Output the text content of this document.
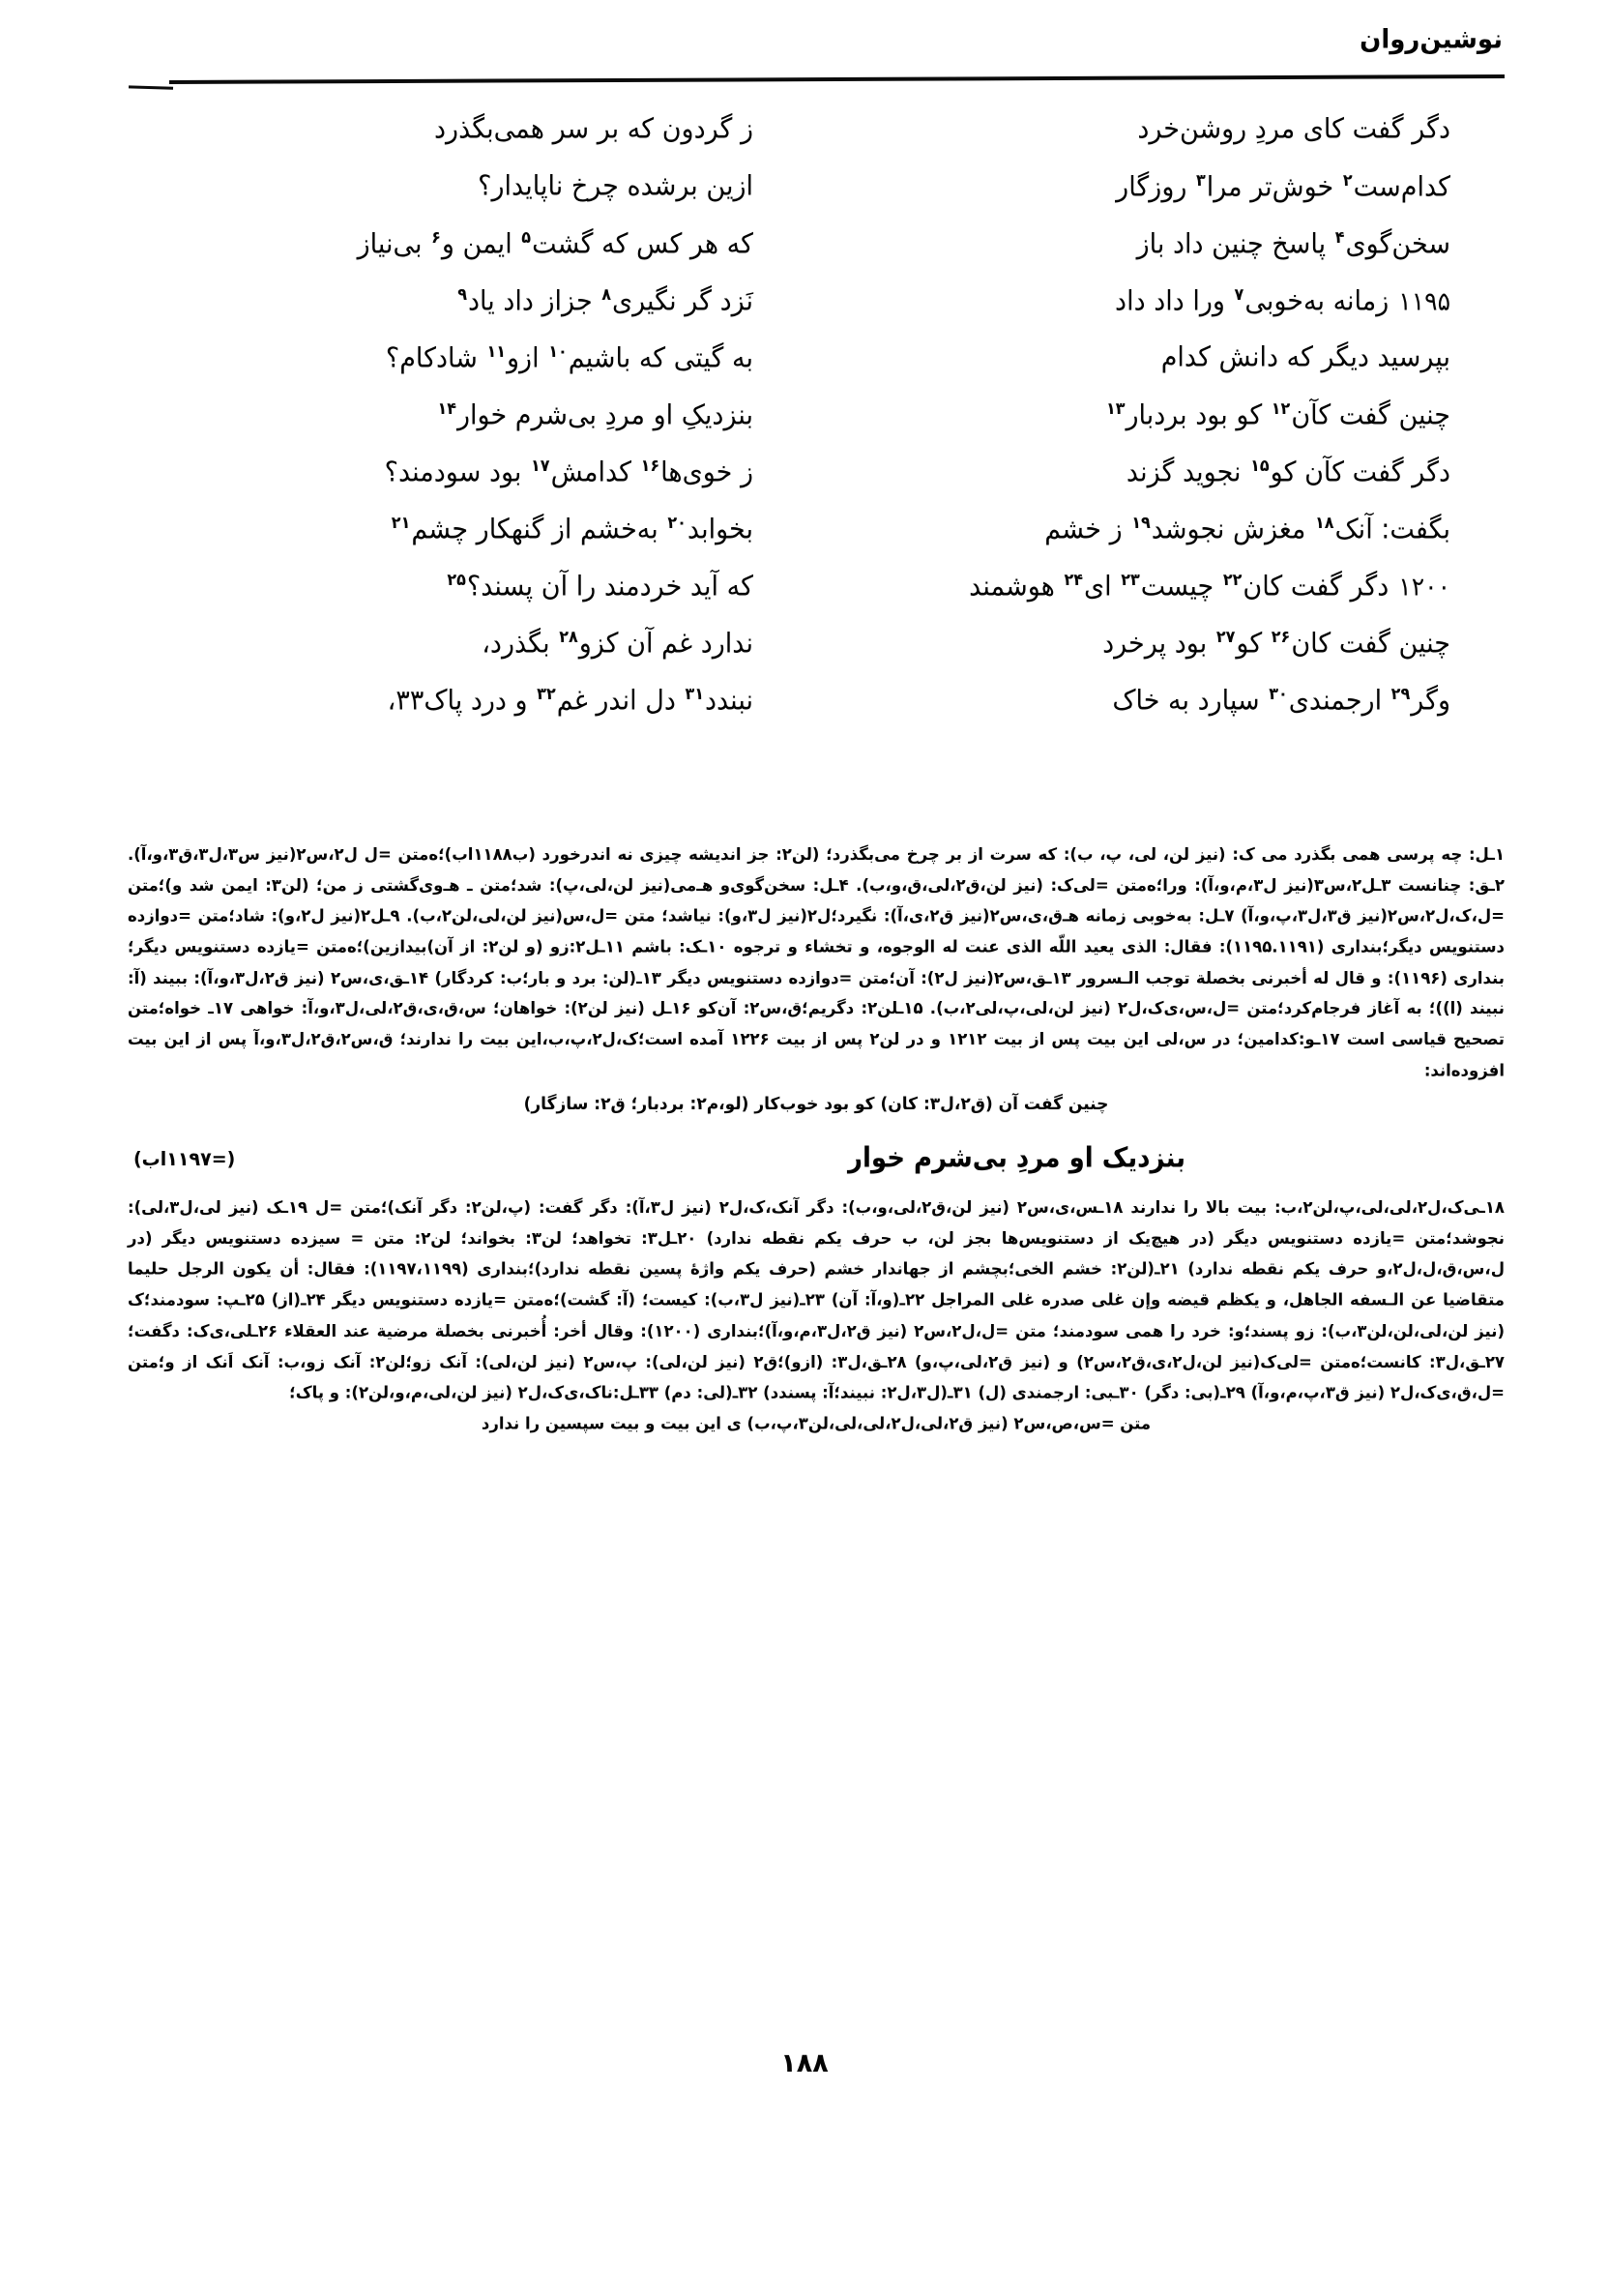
نوشین‌روان
دگر گفت کای مردِ روشن‌خرد
ز گردون که بر سر همی‌بگذرد
کدام‌ست$^۲$ خوش‌تر مرا$^۳$ روزگار
ازین برشده چرخ ناپایدار؟
سخن‌گوی$^۴$ پاسخ چنین داد باز
که هر کس که گشت$^۵$ ایمن و$^۶$ بی‌نیاز
۱۱۹۵زمانه به‌خوبی$^۷$ ورا داد داد
نَزد گر نگیری$^۸$ جزاز داد یاد$^۹$
بپرسید دیگر که دانش کدام
به گیتی که باشیم$^{۱۰}$ ازو$^{۱۱}$ شادکام؟
چنین گفت کآن$^{۱۲}$ کو بود بردبار$^{۱۳}$
بنزدیکِ او مردِ بی‌شرم خوار$^{۱۴}$
دگر گفت کآن کو$^{۱۵}$ نجوید گزند
ز خوی‌ها$^{۱۶}$ کدامش$^{۱۷}$ بود سودمند؟
بگفت: آنک$^{۱۸}$ مغزش نجوشد$^{۱۹}$ ز خشم
بخوابد$^{۲۰}$ به‌خشم از گنهکار چشم$^{۲۱}$
۱۲۰۰دگر گفت کان$^{۲۲}$ چیست$^{۲۳}$ ای$^{۲۴}$ هوشمند
که آید خردمند را آن پسند؟$^{۲۵}$
چنین گفت کان$^{۲۶}$ کو$^{۲۷}$ بود پرخرد
ندارد غم آن کزو$^{۲۸}$ بگذرد،
وگر$^{۲۹}$ ارجمندی$^{۳۰}$ سپارد به خاک
نبندد$^{۳۱}$ دل اندر غم$^{۳۲}$ و درد پاک۳۳،
۱ـل: چه پرسی همی بگذرد می ک: (نیز لن، لی، پ، ب): که سرت از بر چرخ می‌بگذرد؛ (لن۲: جز اندیشه چیزی نه اندرخورد (ب۱۱۸۸اب)؛ه‌متن =ل ل۲،س۲(نیز س۳،ل۳،ق۳،و،آ). ۲ـق: چنانست ۳ـل۲،س۳(نیز ل۳،م،و،آ): ورا؛ه‌متن =لی‌ک: (نیز لن،ق۲،لی،ق،و،ب). ۴ـل: سخن‌گوی‌و هـ‌می(نیز لن،لی،پ): شد؛متن ـ هـ‌وی‌گشتی ز من؛ (لن۳: ایمن شد و)؛متن =ل،ک،ل۲،س۲(نیز ق۳،ل۳،پ،و،آ) ۷ـل: به‌خوبی زمانه هـ‌ق،ی،س۲(نیز ق۲،ی،آ): نگیرد؛ل۲(نیز ل۳،و): نیاشد؛ متن =ل،س(نیز لن،لی،لن۲،ب). ۹ـل۲(نیز ل۲،و): شاد؛متن =دوازده دستنویس دیگر؛بنداری (۱۱۹۵.۱۱۹۱): فقال: الذی یعید اللّه الذی عنت له الوجوه، و تخشاء و ترجوه ۱۰ـک: باشم ۱۱ـل۲:زو (و لن۲: از آن)بیدازین)؛ه‌متن =یازده دستنویس دیگر؛بنداری (۱۱۹۶): و قال له أخبرنی بخصلة توجب الـسرور ۱۳ـق،س۲(نیز ل۲): آن؛متن =دوازده دستنویس دیگر ۱۳ـ(لن: برد و بار؛ب: کردگار) ۱۴ـق،ی،س۲ (نیز ق۲،ل۳،و،آ): ببیند (آ: نبیند (ا))؛ به آغاز فرجام‌کرد؛متن =ل،س،ی‌ک،ل۲ (نیز لن،لی،پ،لی۲،ب). ۱۵ـلن۲: دگریم؛ق،س۲: آن‌کو ۱۶ـل (نیز لن۲): خواهان؛ س،ق،ی،ق۲،لی،ل۳،و،آ: خواهی ۱۷ـ خواه؛متن تصحیح قیاسی است ۱۷ـو:کدامین؛ در س،لی این بیت پس از بیت ۱۲۱۲ و در لن۲ پس از بیت ۱۲۲۶ آمده است؛ک،ل۲،پ،ب،این بیت را ندارند؛ ق،س۲،ق۲،ل۳،و،آ پس از این بیت افزوده‌اند:
چنین گفت آن (ق۲،ل۳: کان) کو بود خوب‌کار (لو،م۲: بردبار؛ ق۲: سازگار)
(=۱۱۹۷اب)	بنزدیک او مردِ بی‌شرم خوار
۱۸ـی‌ک،ل۲،لی،لی،پ،لن۲،ب: بیت بالا را ندارند ۱۸ـس،ی،س۲ (نیز لن،ق۲،لی،و،ب): دگر آنک،ک،ل۲ (نیز ل۳،آ): دگر گفت: (پ،لن۲: دگر آنک)؛متن =ل ۱۹ـک (نیز لی،ل۳،لی): نجوشد؛متن =یازده دستنویس دیگر (در هیچ‌یک از دستنویس‌ها بجز لن، ب حرف یکم نقطه ندارد) ۲۰ـل۳: تخواهد؛ لن۳: بخواند؛ لن۲: متن = سیزده دستنویس دیگر (در ل،س،ق،ل،ل۲،و حرف یکم نقطه ندارد) ۲۱ـ(لن۲: خشم الخی؛بچشم از جهاندار خشم (حرف یکم واژهٔ پسین نقطه ندارد)؛بنداری (۱۱۹۷،۱۱۹۹): فقال: أن یکون الرجل حلیما متقاضیا عن الـسفه الجاهل، و یکظم قیضه وإن غلی صدره غلی المراجل ۲۲ـ(و،آ: آن) ۲۳ـ(نیز ل۳،ب): کیست؛ (آ: گشت)؛ه‌متن =یازده دستنویس دیگر ۲۴ـ(از) ۲۵ـپ: سودمند؛ک (نیز لن،لی،لن،لن۳،ب): زو پسند؛و: خرد را همی سودمند؛ متن =ل،ل۲،س۲ (نیز ق۲،ل۳،م،و،آ)؛بنداری (۱۲۰۰): وقال أخر: أُخبرنی بخصلة مرضیة عند العقلاء ۲۶ـلی،ی‌ک: دگفت؛ ۲۷ـق،ل۳: کانست؛ه‌متن =لی‌ک(نیز لن،ل۲،ی،ق۲،س۲) و (نیز ق۲،لی،پ،و) ۲۸ـق،ل۳: (ازو)؛ق۲ (نیز لن،لی): پ،س۲ (نیز لن،لی): آنک زو؛لن۲: آنک زو،ب: آنک اَنک از و؛متن =ل،ق،ی‌ک،ل۲ (نیز ق۳،پ،م،و،آ) ۲۹ـ(بی: دگر) ۳۰ـبی: ارجمندی (ل) ۳۱ـ(ل۳،ل۲: نبیند؛آ: پسندد) ۳۲ـ(لی: دم) ۳۳ـل:ناک،ی‌ک،ل۲ (نیز لن،لی،م،و،لن۲): و پاک؛
متن =س،ص،س۲ (نیز ق۲،لی،ل۲،لی،لی،لن۳،پ،ب) ی این بیت و بیت سپسین را ندارد
۱۸۸
